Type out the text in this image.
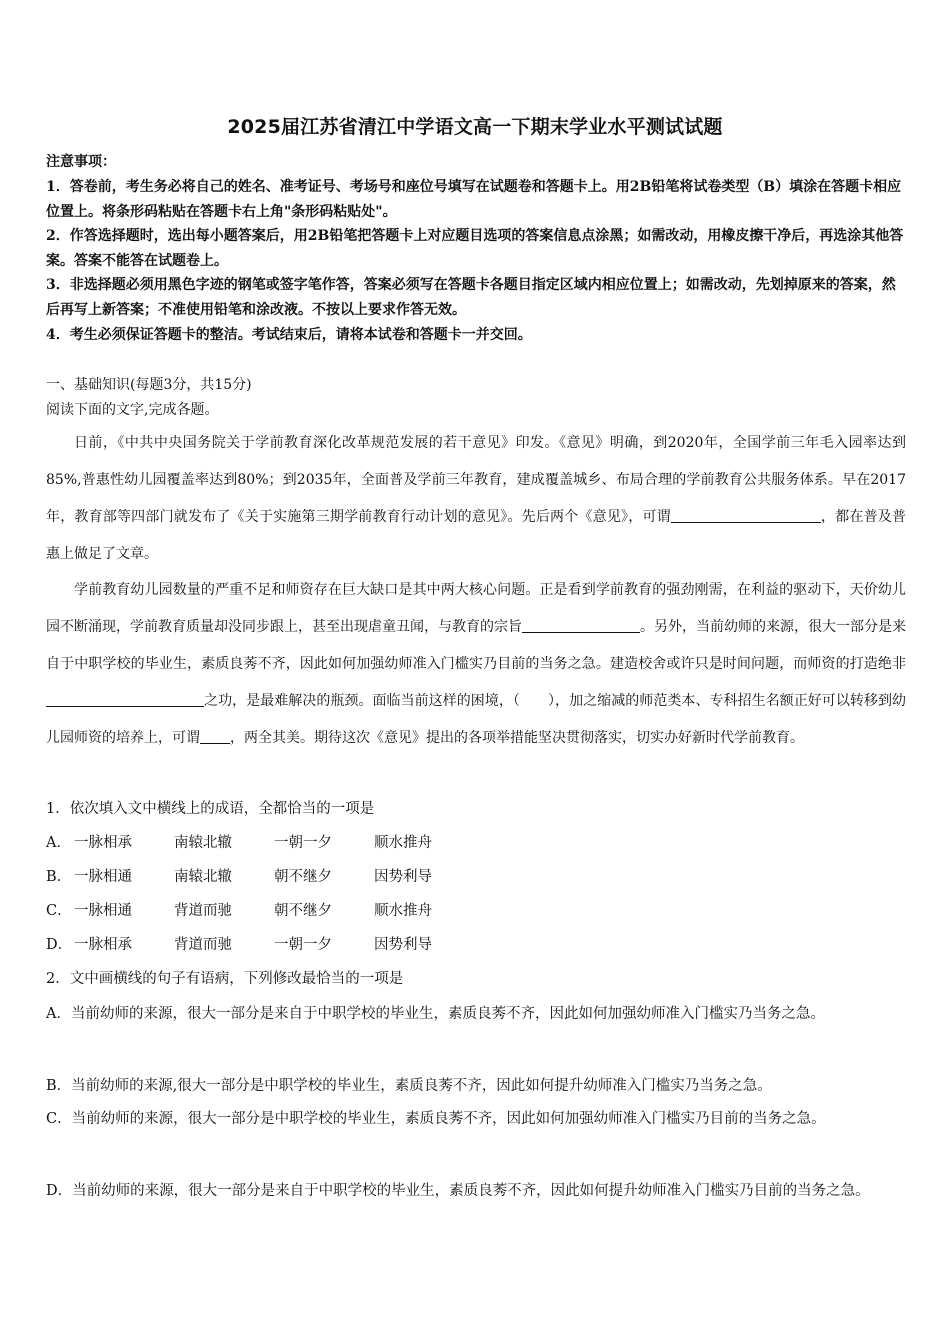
2025届江苏省清江中学语文高一下期末学业水平测试试题
注意事项：
1．答卷前，考生务必将自己的姓名、准考证号、考场号和座位号填写在试题卷和答题卡上。用2B铅笔将试卷类型（B）填涂在答题卡相应位置上。将条形码粘贴在答题卡右上角"条形码粘贴处"。
2．作答选择题时，选出每小题答案后，用2B铅笔把答题卡上对应题目选项的答案信息点涂黑；如需改动，用橡皮擦干净后，再选涂其他答案。答案不能答在试题卷上。
3．非选择题必须用黑色字迹的钢笔或签字笔作答，答案必须写在答题卡各题目指定区域内相应位置上；如需改动，先划掉原来的答案，然后再写上新答案；不准使用铅笔和涂改液。不按以上要求作答无效。
4．考生必须保证答题卡的整洁。考试结束后，请将本试卷和答题卡一并交回。
一、基础知识(每题3分，共15分)
阅读下面的文字,完成各题。
日前，《中共中央国务院关于学前教育深化改革规范发展的若干意见》印发。《意见》明确，到2020年，全国学前三年毛入园率达到85%,普惠性幼儿园覆盖率达到80%；到2035年，全面普及学前三年教育，建成覆盖城乡、布局合理的学前教育公共服务体系。早在2017年，教育部等四部门就发布了《关于实施第三期学前教育行动计划的意见》。先后两个《意见》，可谓	，都在普及普惠上做足了文章。
学前教育幼儿园数量的严重不足和师资存在巨大缺口是其中两大核心问题。正是看到学前教育的强劲刚需，在利益的驱动下，天价幼儿园不断涌现，学前教育质量却没同步跟上，甚至出现虐童丑闻，与教育的宗旨	。另外，当前幼师的来源，很大一部分是来自于中职学校的毕业生，素质良莠不齐，因此如何加强幼师准入门槛实乃目前的当务之急。建造校舍或许只是时间问题，而师资的打造绝非之功，是最难解决的瓶颈。面临当前这样的困境，（　　），加之缩减的师范类本、专科招生名额正好可以转移到幼儿园师资的培养上，可谓 ，两全其美。期待这次《意见》提出的各项举措能坚决贯彻落实，切实办好新时代学前教育。
1．依次填入文中横线上的成语，全都恰当的一项是
A． 一脉相承	南辕北辙	一朝一夕	顺水推舟
B． 一脉相通	南辕北辙	朝不继夕	因势利导
C． 一脉相通	背道而驰	朝不继夕	顺水推舟
D． 一脉相承	背道而驰	一朝一夕	因势利导
2．文中画横线的句子有语病，下列修改最恰当的一项是
A．当前幼师的来源，很大一部分是来自于中职学校的毕业生，素质良莠不齐，因此如何加强幼师准入门槛实乃当务之急。
B．当前幼师的来源,很大一部分是中职学校的毕业生，素质良莠不齐，因此如何提升幼师准入门槛实乃当务之急。
C．当前幼师的来源，很大一部分是中职学校的毕业生，素质良莠不齐，因此如何加强幼师准入门槛实乃目前的当务之急。
D．当前幼师的来源，很大一部分是来自于中职学校的毕业生，素质良莠不齐，因此如何提升幼师准入门槛实乃目前的当务之急。
